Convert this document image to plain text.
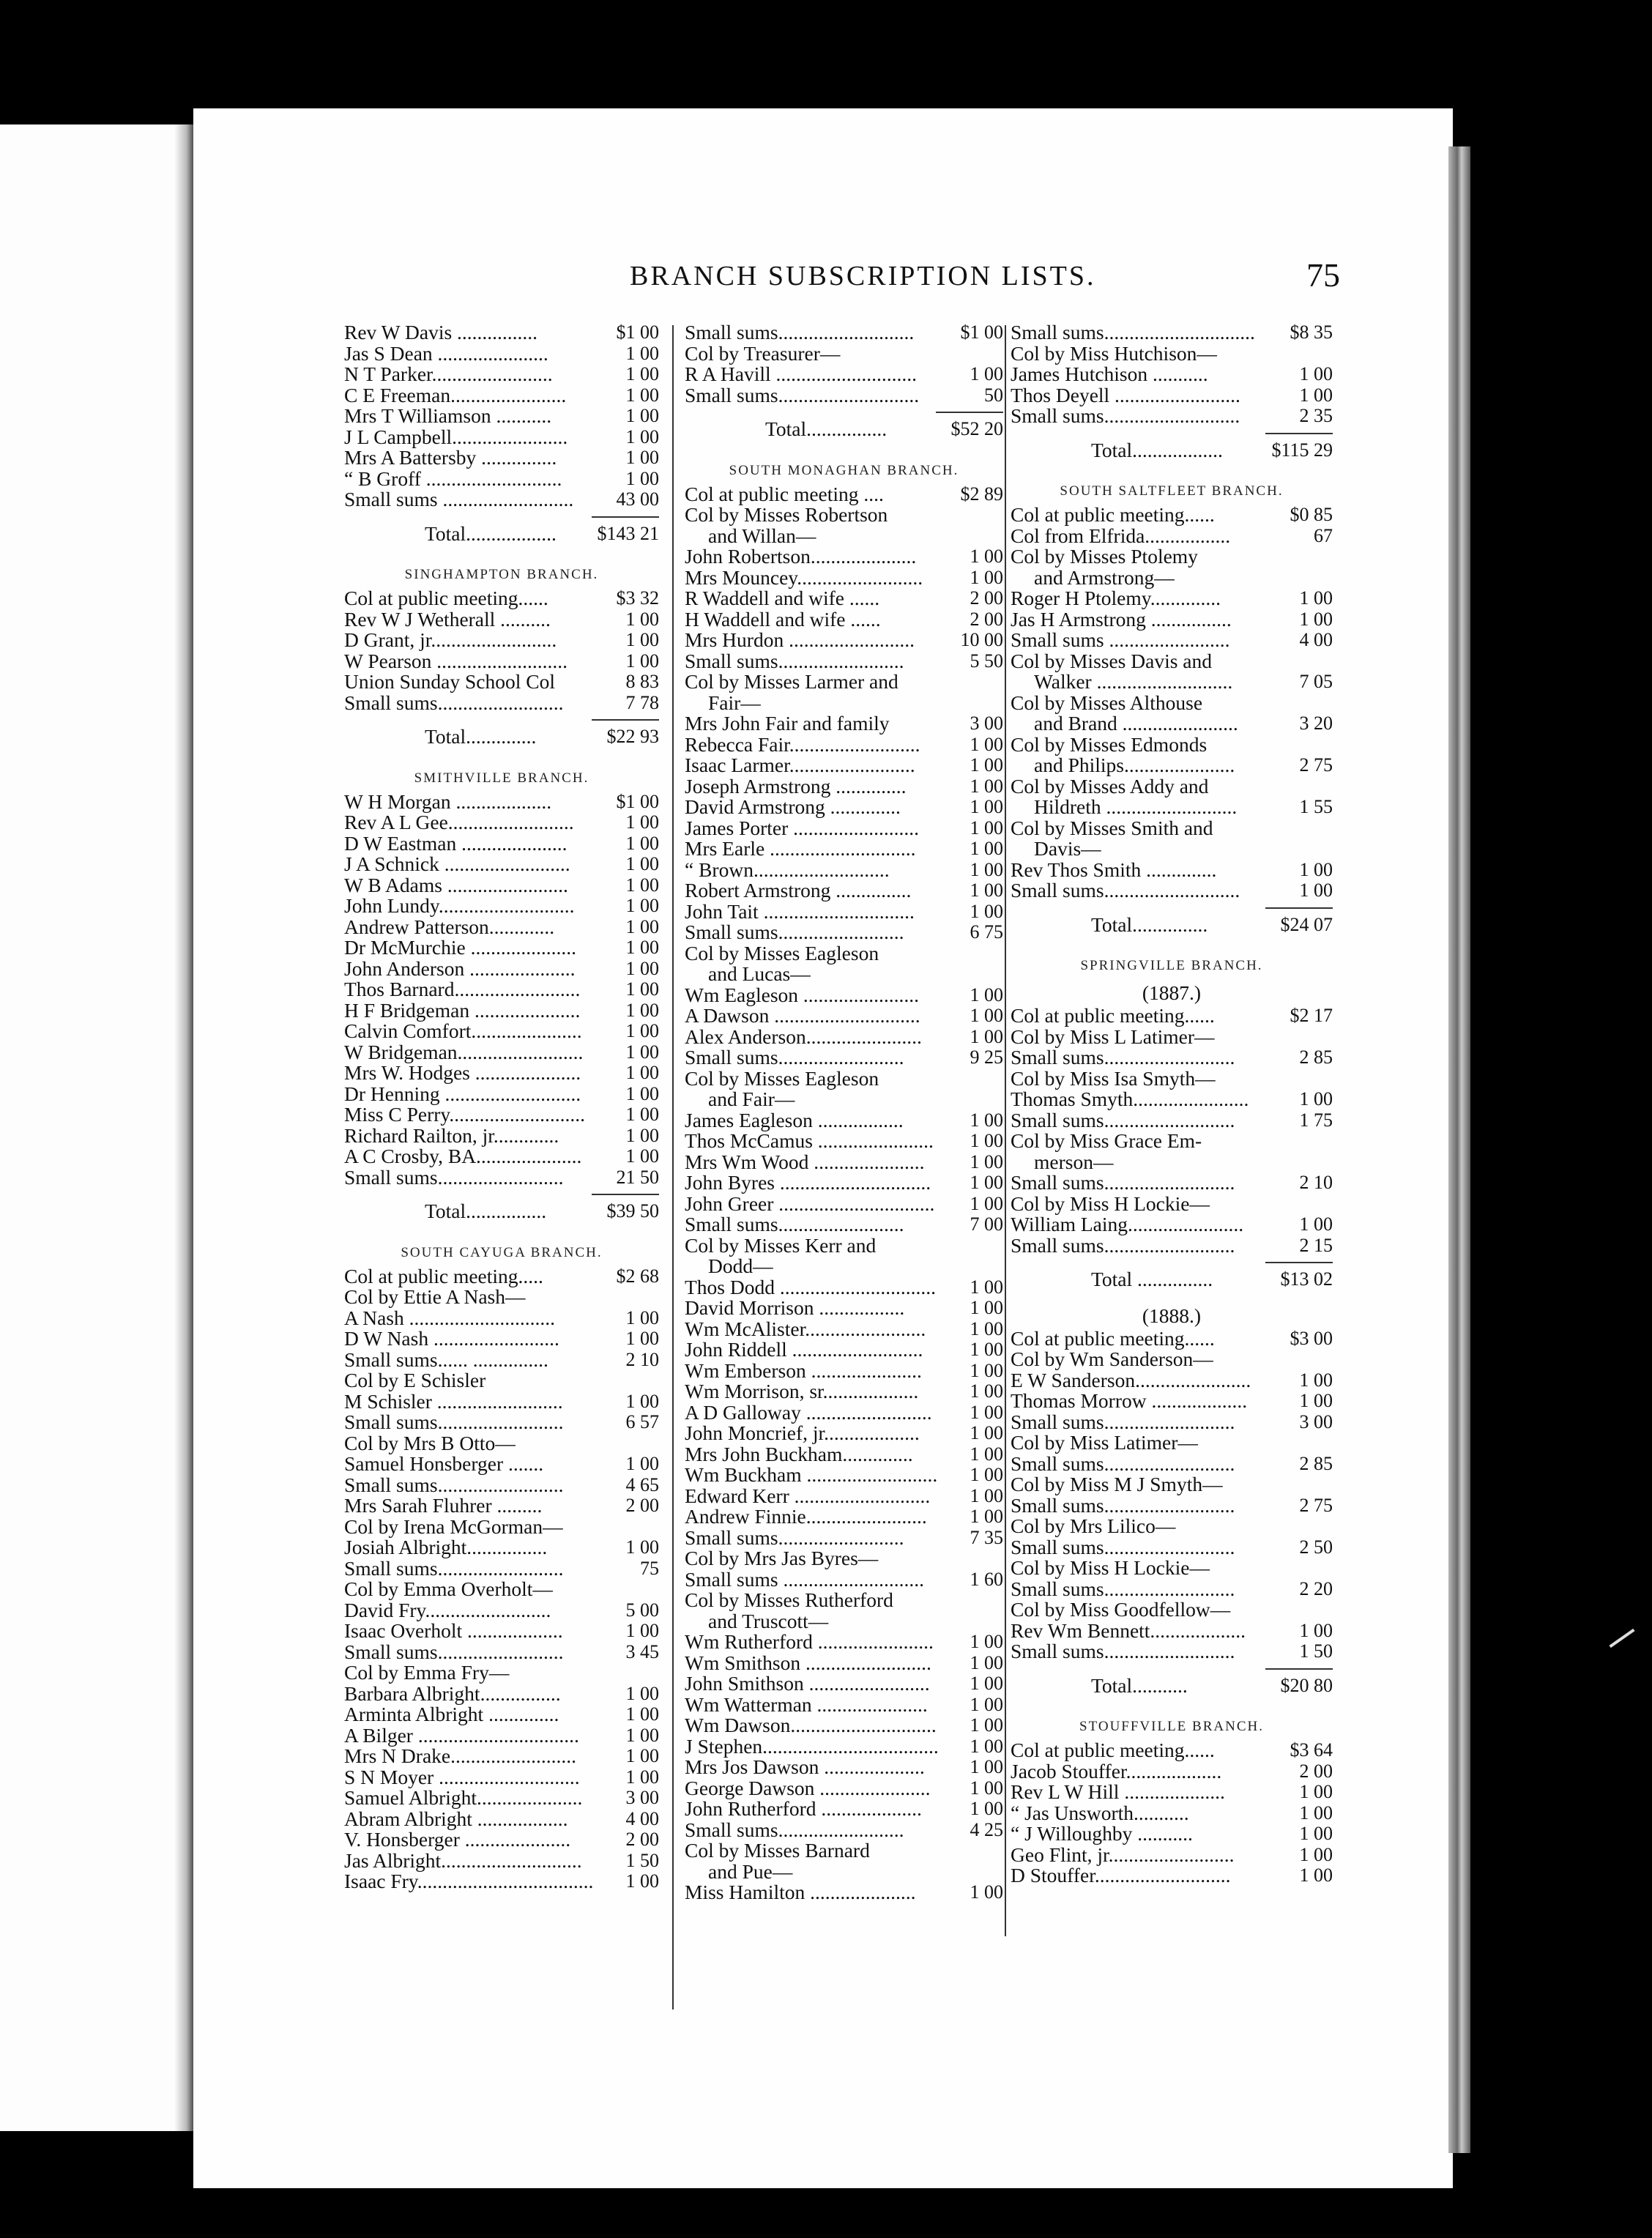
BRANCH SUBSCRIPTION LISTS.	75
Rev W Davis ................	$1 00
Jas S Dean ......................	1 00
N T Parker........................	1 00
C E Freeman.......................	1 00
Mrs T Williamson ...........	1 00
J L Campbell.......................	1 00
Mrs A Battersby ...............	1 00
“ B Groff ...........................	1 00
Small sums .......................... 43 00
Total.................. $143 21
SINGHAMPTON BRANCH.
Col at public meeting......	$3 32
Rev W J Wetherall ..........	1 00
D Grant, jr.........................	1 00
W Pearson ..........................	1 00
Union Sunday School Col	8 83
Small sums.........................	7 78
Total..............	$22 93
SMITHVILLE BRANCH.
W H Morgan ...................	$1 00
Rev A L Gee.........................	1 00
D W Eastman .....................	1 00
J A Schnick .........................	1 00
W B Adams ........................	1 00
John Lundy...........................	1 00
Andrew Patterson.............	1 00
Dr McMurchie .....................	1 00
John Anderson .....................	1 00
Thos Barnard......................... 1 00
H F Bridgeman ..................... 1 00
Calvin Comfort...................... 1 00
W Bridgeman......................... 1 00
Mrs W. Hodges ..................... 1 00
Dr Henning ........................... 1 00
Miss C Perry........................... 1 00
Richard Railton, jr.............	1 00
A C Crosby, BA..................... 1 00
Small sums.........................	21 50
Total................	$39 50
SOUTH CAYUGA BRANCH.
Col at public meeting.....	$2 68
Col by Ettie A Nash—
A Nash .............................	1 00
D W Nash .........................	1 00
Small sums...... ...............	2 10
Col by E Schisler
M Schisler .........................	1 00
Small sums.........................	6 57
Col by Mrs B Otto—
Samuel Honsberger .......	1 00
Small sums.........................	4 65
Mrs Sarah Fluhrer .........	2 00
Col by Irena McGorman—
Josiah Albright................	1 00
Small sums.........................	75
Col by Emma Overholt—
David Fry.........................	5 00
Isaac Overholt ...................	1 00
Small sums.........................	3 45
Col by Emma Fry—
Barbara Albright................	1 00
Arminta Albright ..............	1 00
A Bilger ................................ 1 00
Mrs N Drake.........................	1 00
S N Moyer ............................ 1 00
Samuel Albright..................... 3 00
Abram Albright ..................	4 00
V. Honsberger .....................	2 00
Jas Albright............................ 1 50
Isaac Fry................................... 1 00
Small sums........................... $1 00
Col by Treasurer—
R A Havill ............................	1 00
Small sums............................	50
Total................	$52 20
SOUTH MONAGHAN BRANCH.
Col at public meeting ....	$2 89
Col by Misses Robertson
and Willan—
John Robertson.....................	1 00
Mrs Mouncey......................... 1 00
R Waddell and wife ......	2 00
H Waddell and wife ......	2 00
Mrs Hurdon ......................... 10 00
Small sums.........................	5 50
Col by Misses Larmer and
Fair—
Mrs John Fair and family	3 00
Rebecca Fair..........................	1 00
Isaac Larmer.........................	1 00
Joseph Armstrong ..............	1 00
David Armstrong ..............	1 00
James Porter .........................	1 00
Mrs Earle .............................	1 00
“ Brown...........................	1 00
Robert Armstrong ...............	1 00
John Tait ..............................	1 00
Small sums.........................	6 75
Col by Misses Eagleson
and Lucas—
Wm Eagleson .......................	1 00
A Dawson .............................	1 00
Alex Anderson.......................	1 00
Small sums.........................	9 25
Col by Misses Eagleson
and Fair—
James Eagleson .................	1 00
Thos McCamus ....................... 1 00
Mrs Wm Wood ...................... 1 00
John Byres .............................. 1 00
John Greer ............................... 1 00
Small sums.........................	7 00
Col by Misses Kerr and
Dodd—
Thos Dodd ............................... 1 00
David Morrison .................	1 00
Wm McAlister........................ 1 00
John Riddell .......................... 1 00
Wm Emberson ......................	1 00
Wm Morrison, sr...................	1 00
A D Galloway ......................... 1 00
John Moncrief, jr...................	1 00
Mrs John Buckham..............	1 00
Wm Buckham .......................... 1 00
Edward Kerr ........................... 1 00
Andrew Finnie........................ 1 00
Small sums.........................	7 35
Col by Mrs Jas Byres—
Small sums ............................ 1 60
Col by Misses Rutherford
and Truscott—
Wm Rutherford ....................... 1 00
Wm Smithson ......................... 1 00
John Smithson ........................ 1 00
Wm Watterman ...................... 1 00
Wm Dawson............................. 1 00
J Stephen................................... 1 00
Mrs Jos Dawson .................... 1 00
George Dawson ...................... 1 00
John Rutherford ....................	1 00
Small sums.........................	4 25
Col by Misses Barnard
and Pue—
Miss Hamilton .....................	1 00
Small sums.............................. $8 35
Col by Miss Hutchison—
James Hutchison ...........	1 00
Thos Deyell .........................	1 00
Small sums...........................	2 35
Total..................	$115 29
SOUTH SALTFLEET BRANCH.
Col at public meeting......	$0 85
Col from Elfrida.................	67
Col by Misses Ptolemy
and Armstrong—
Roger H Ptolemy..............	1 00
Jas H Armstrong ................	1 00
Small sums ........................	4 00
Col by Misses Davis and
Walker ...........................	7 05
Col by Misses Althouse
and Brand .......................	3 20
Col by Misses Edmonds
and Philips......................	2 75
Col by Misses Addy and
Hildreth ..........................	1 55
Col by Misses Smith and
Davis—
Rev Thos Smith ..............	1 00
Small sums...........................	1 00
Total...............	$24 07
SPRINGVILLE BRANCH.
(1887.)
Col at public meeting......	$2 17
Col by Miss L Latimer—
Small sums..........................	2 85
Col by Miss Isa Smyth—
Thomas Smyth.......................	1 00
Small sums..........................	1 75
Col by Miss Grace Em-
merson—
Small sums..........................	2 10
Col by Miss H Lockie—
William Laing.......................	1 00
Small sums..........................	2 15
Total ...............	$13 02
(1888.)
Col at public meeting......	$3 00
Col by Wm Sanderson—
E W Sanderson.......................	1 00
Thomas Morrow ...................	1 00
Small sums..........................	3 00
Col by Miss Latimer—
Small sums..........................	2 85
Col by Miss M J Smyth—
Small sums..........................	2 75
Col by Mrs Lilico—
Small sums..........................	2 50
Col by Miss H Lockie—
Small sums..........................	2 20
Col by Miss Goodfellow—
Rev Wm Bennett...................	1 00
Small sums..........................	1 50
Total...........	$20 80
STOUFFVILLE BRANCH.
Col at public meeting......	$3 64
Jacob Stouffer...................	2 00
Rev L W Hill ....................	1 00
“ Jas Unsworth...........	1 00
“ J Willoughby ...........	1 00
Geo Flint, jr.........................	1 00
D Stouffer...........................	1 00
